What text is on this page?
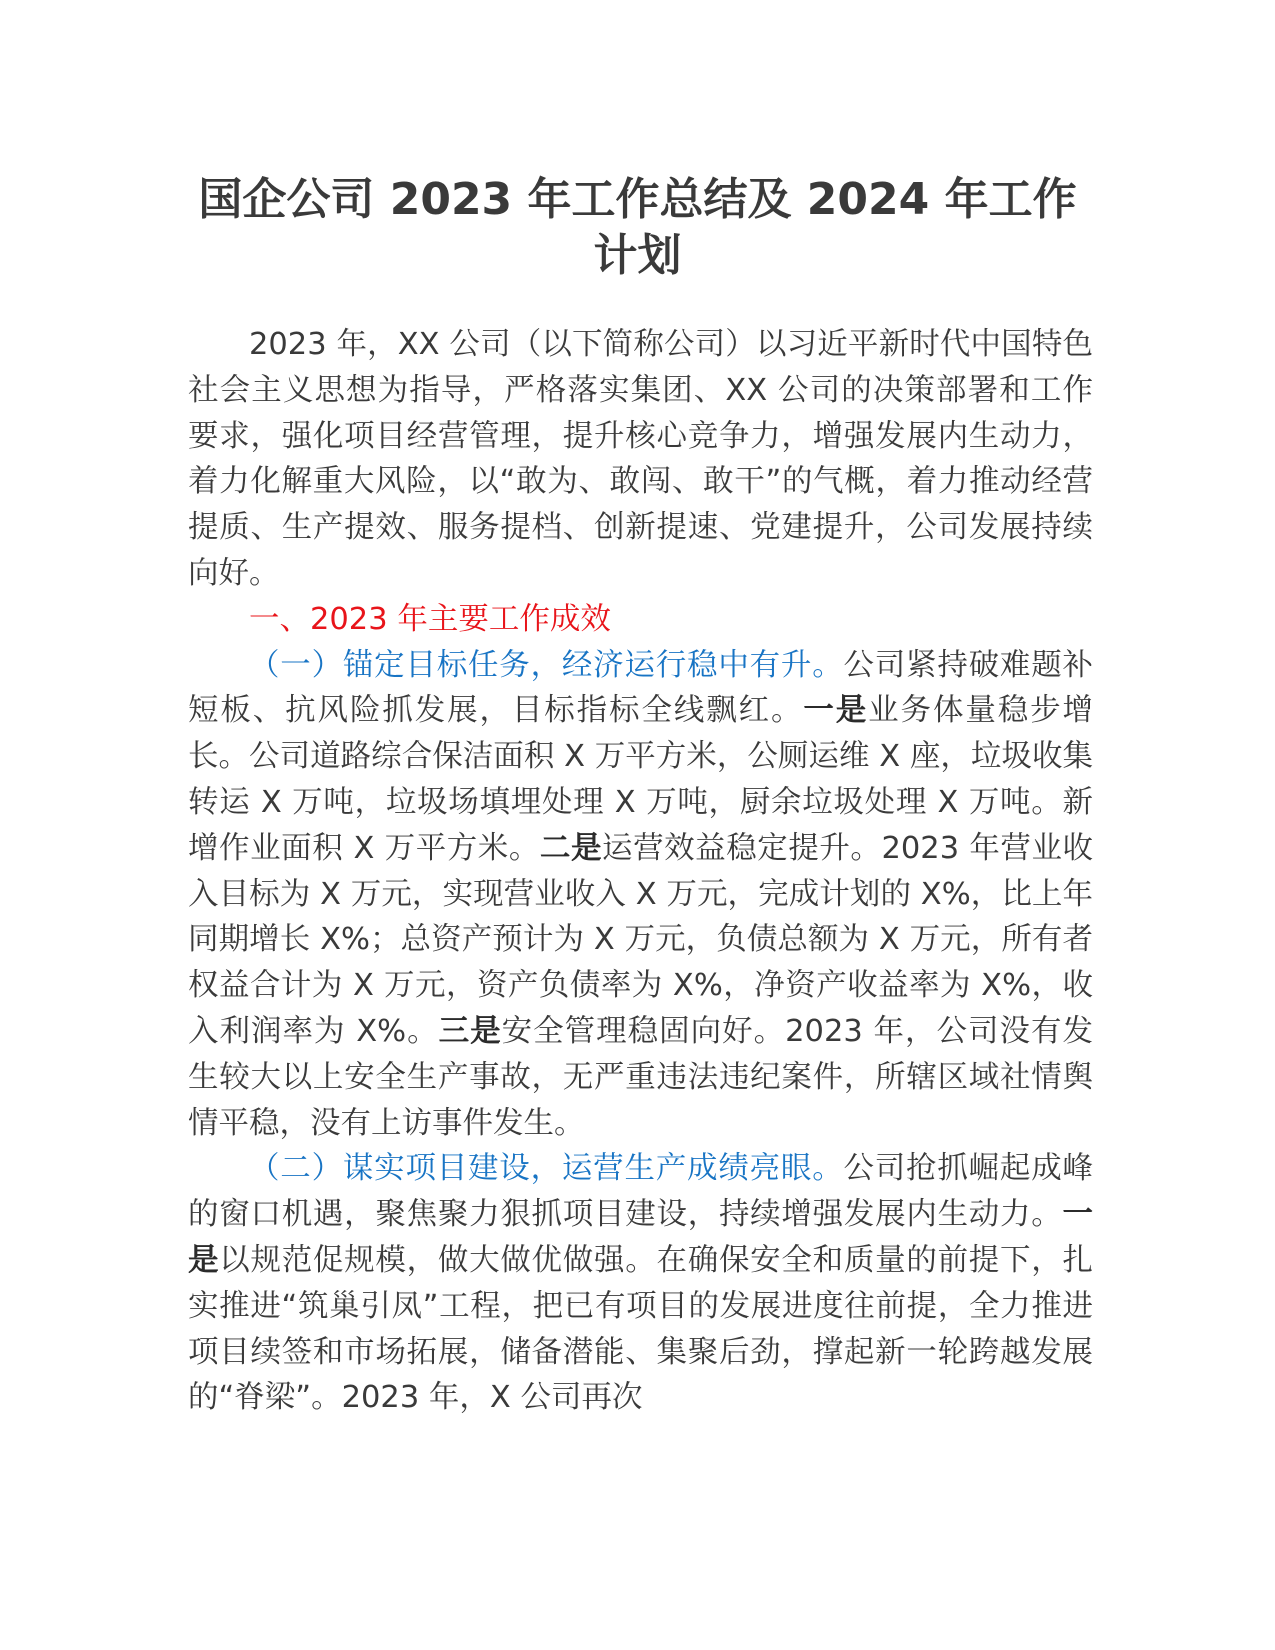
国企公司 2023 年工作总结及 2024 年工作
计划

2023 年，XX 公司（以下简称公司）以习近平新时代中国特色社会主义思想为指导，严格落实集团、XX 公司的决策部署和工作要求，强化项目经营管理，提升核心竞争力，增强发展内生动力，着力化解重大风险，以“敢为、敢闯、敢干”的气概，着力推动经营提质、生产提效、服务提档、创新提速、党建提升，公司发展持续向好。

一、2023 年主要工作成效

（一）锚定目标任务，经济运行稳中有升。公司紧持破难题补短板、抗风险抓发展，目标指标全线飘红。一是业务体量稳步增长。公司道路综合保洁面积 X 万平方米，公厕运维 X 座，垃圾收集转运 X 万吨，垃圾场填埋处理 X 万吨，厨余垃圾处理 X 万吨。新增作业面积 X 万平方米。二是运营效益稳定提升。2023 年营业收入目标为 X 万元，实现营业收入 X 万元，完成计划的 X%，比上年同期增长 X%；总资产预计为 X 万元，负债总额为 X 万元，所有者权益合计为 X 万元，资产负债率为 X%，净资产收益率为 X%，收入利润率为 X%。三是安全管理稳固向好。2023 年，公司没有发生较大以上安全生产事故，无严重违法违纪案件，所辖区域社情舆情平稳，没有上访事件发生。

（二）谋实项目建设，运营生产成绩亮眼。公司抢抓崛起成峰的窗口机遇，聚焦聚力狠抓项目建设，持续增强发展内生动力。一是以规范促规模，做大做优做强。在确保安全和质量的前提下，扎实推进“筑巢引凤”工程，把已有项目的发展进度往前提，全力推进项目续签和市场拓展，储备潜能、集聚后劲，撑起新一轮跨越发展的“脊梁”。2023 年，X 公司再次
